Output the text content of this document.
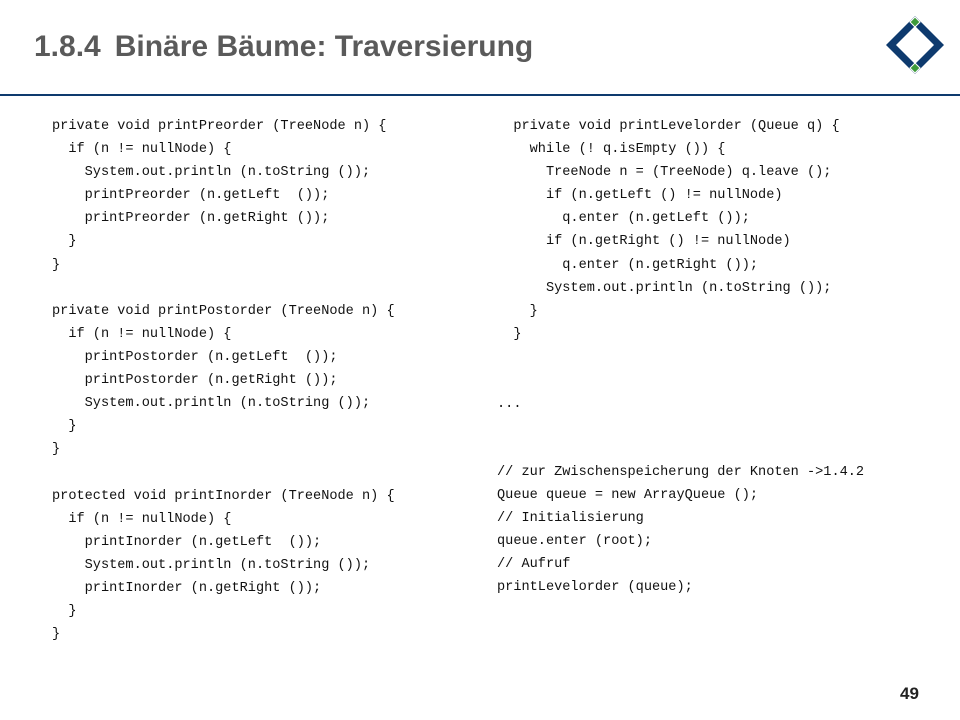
1.8.4 Binäre Bäume: Traversierung
private void printPreorder (TreeNode n) {
if (n != nullNode) {
System.out.println (n.toString ());
printPreorder (n.getLeft  ());
printPreorder (n.getRight ());
}
}

private void printPostorder (TreeNode n) {
if (n != nullNode) {
printPostorder (n.getLeft  ());
printPostorder (n.getRight ());
System.out.println (n.toString ());
}
}

protected void printInorder (TreeNode n) {
if (n != nullNode) {
printInorder (n.getLeft  ());
System.out.println (n.toString ());
printInorder (n.getRight ());
}
}
private void printLevelorder (Queue q) {
while (! q.isEmpty ()) {
TreeNode n = (TreeNode) q.leave ();
if (n.getLeft () != nullNode)
q.enter (n.getLeft ());
if (n.getRight () != nullNode)
q.enter (n.getRight ());
System.out.println (n.toString ());
}
}
...
// zur Zwischenspeicherung der Knoten ->1.4.2
Queue queue = new ArrayQueue ();
// Initialisierung
queue.enter (root);
// Aufruf
printLevelorder (queue);
49
